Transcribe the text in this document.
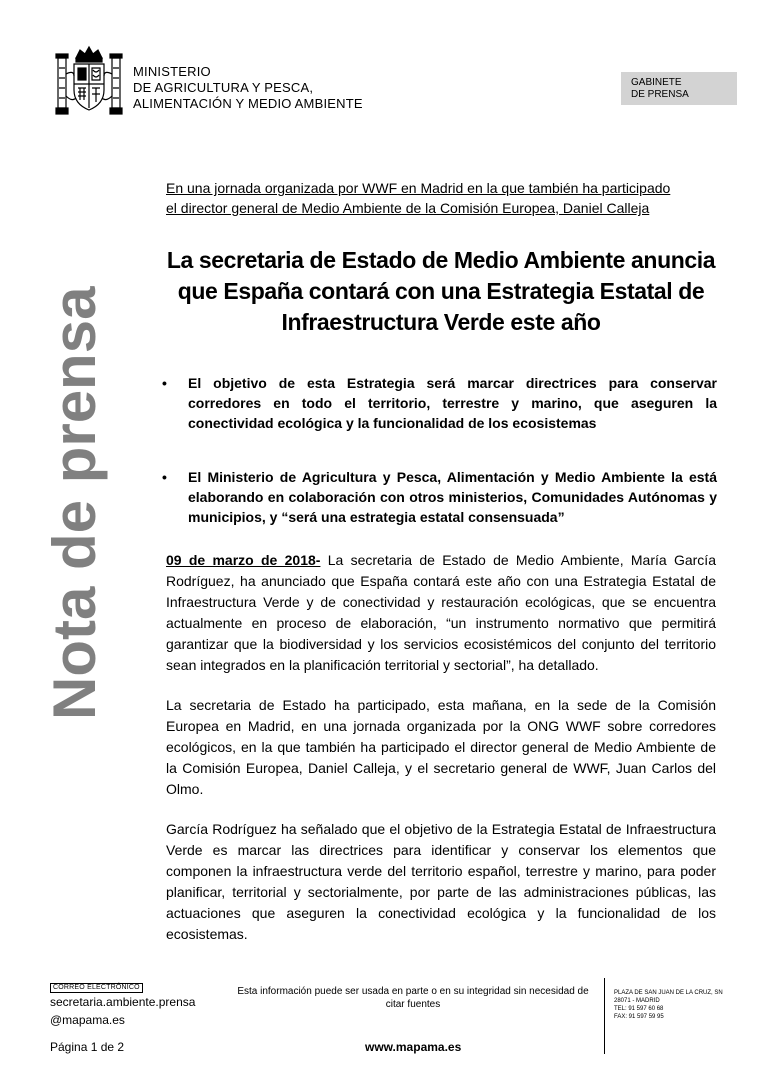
MINISTERIO
DE AGRICULTURA Y PESCA,
ALIMENTACIÓN Y MEDIO AMBIENTE
GABINETE
DE PRENSA
Nota de prensa
En una jornada organizada por WWF en Madrid en la que también ha participado
el director general de Medio Ambiente de la Comisión Europea, Daniel Calleja
La secretaria de Estado de Medio Ambiente anuncia
que España contará con una Estrategia Estatal de
Infraestructura Verde este año
• El objetivo de esta Estrategia será marcar directrices para conservar corredores en todo el territorio, terrestre y marino, que aseguren la conectividad ecológica y la funcionalidad de los ecosistemas
• El Ministerio de Agricultura y Pesca, Alimentación y Medio Ambiente la está elaborando en colaboración con otros ministerios, Comunidades Autónomas y municipios, y “será una estrategia estatal consensuada”
09 de marzo de 2018- La secretaria de Estado de Medio Ambiente, María García Rodríguez, ha anunciado que España contará este año con una Estrategia Estatal de Infraestructura Verde y de conectividad y restauración ecológicas, que se encuentra actualmente en proceso de elaboración, “un instrumento normativo que permitirá garantizar que la biodiversidad y los servicios ecosistémicos del conjunto del territorio sean integrados en la planificación territorial y sectorial”, ha detallado.
La secretaria de Estado ha participado, esta mañana, en la sede de la Comisión Europea en Madrid, en una jornada organizada por la ONG WWF sobre corredores ecológicos, en la que también ha participado el director general de Medio Ambiente de la Comisión Europea, Daniel Calleja, y el secretario general de WWF, Juan Carlos del Olmo.
García Rodríguez ha señalado que el objetivo de la Estrategia Estatal de Infraestructura Verde es marcar las directrices para identificar y conservar los elementos que componen la infraestructura verde del territorio español, terrestre y marino, para poder planificar, territorial y sectorialmente, por parte de las administraciones públicas, las actuaciones que aseguren la conectividad ecológica y la funcionalidad de los ecosistemas.
CORREO ELECTRÓNICO
secretaria.ambiente.prensa
@mapama.es
Esta información puede ser usada en parte o en su integridad sin necesidad de citar fuentes
PLAZA DE SAN JUAN DE LA CRUZ, SN
28071 - MADRID
TEL: 91 597 60 68
FAX: 91 597 59 95
Página 1 de 2	www.mapama.es
